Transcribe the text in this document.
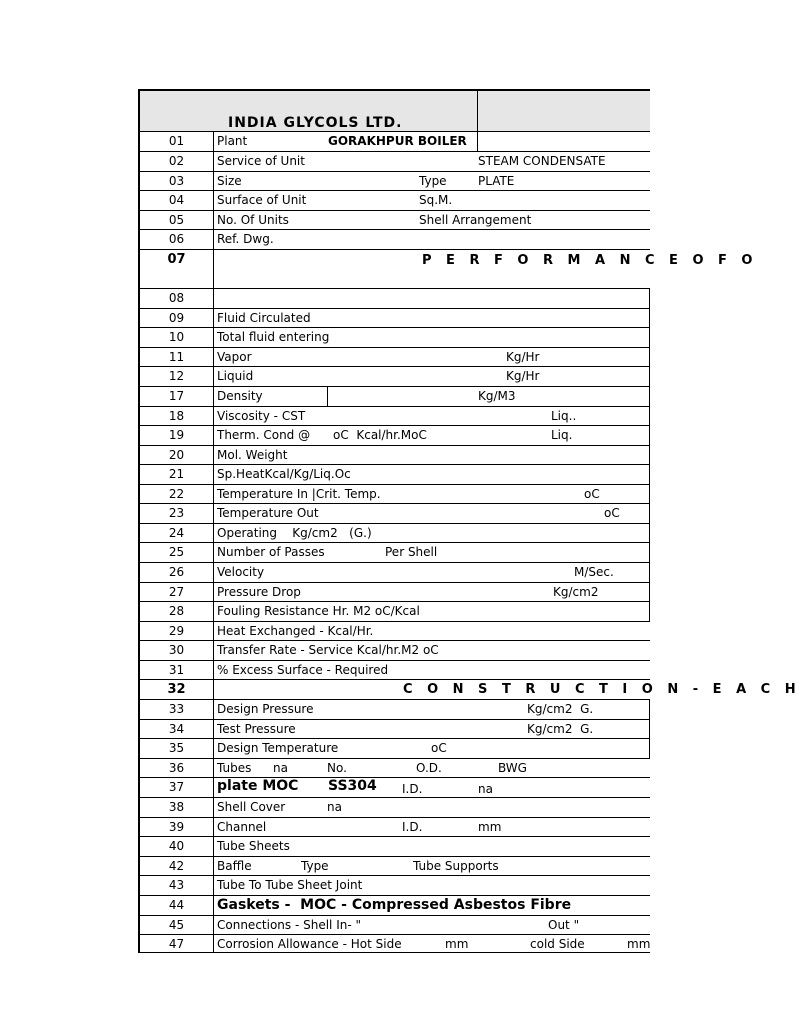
INDIA GLYCOLS LTD.
01	Plant	GORAKHPUR BOILER
02	Service of Unit	STEAM CONDENSATE
03	Size	Type	PLATE
04	Surface of Unit	Sq.M.
05	No. Of Units	Shell Arrangement
06	Ref. Dwg.
07	P E R F O R M A N C E O F O
08
09	Fluid Circulated
10	Total fluid entering
11	Vapor	Kg/Hr
12	Liquid	Kg/Hr
17	Density	Kg/M3
18	Viscosity - CST	Liq..
19	Therm. Cond @      oC  Kcal/hr.MoC	Liq.
20	Mol. Weight
21	Sp.HeatKcal/Kg/Liq.Oc
22	Temperature In |Crit. Temp.	oC
23	Temperature Out	oC
24	Operating    Kg/cm2   (G.)
25	Number of Passes	Per Shell
26	Velocity	M/Sec.
27	Pressure Drop	Kg/cm2
28	Fouling Resistance Hr. M2 oC/Kcal
29	Heat Exchanged - Kcal/Hr.
30	Transfer Rate - Service Kcal/hr.M2 oC
31	% Excess Surface - Required
32	C O N S T R U C T I O N - E A C H
33	Design Pressure	Kg/cm2  G.
34	Test Pressure	Kg/cm2  G.
35	Design Temperature	oC
36	Tubes na	No.	O.D.	BWG
37	plate MOC SS304 I.D.	na
38	Shell Cover	na
39	Channel	I.D.	mm
40	Tube Sheets
42	Baffle	Type	Tube Supports
43	Tube To Tube Sheet Joint
44	Gaskets -  MOC - Compressed Asbestos Fibre
45	Connections - Shell In- "	Out "
47	Corrosion Allowance - Hot Side	mm	cold Side	mm
